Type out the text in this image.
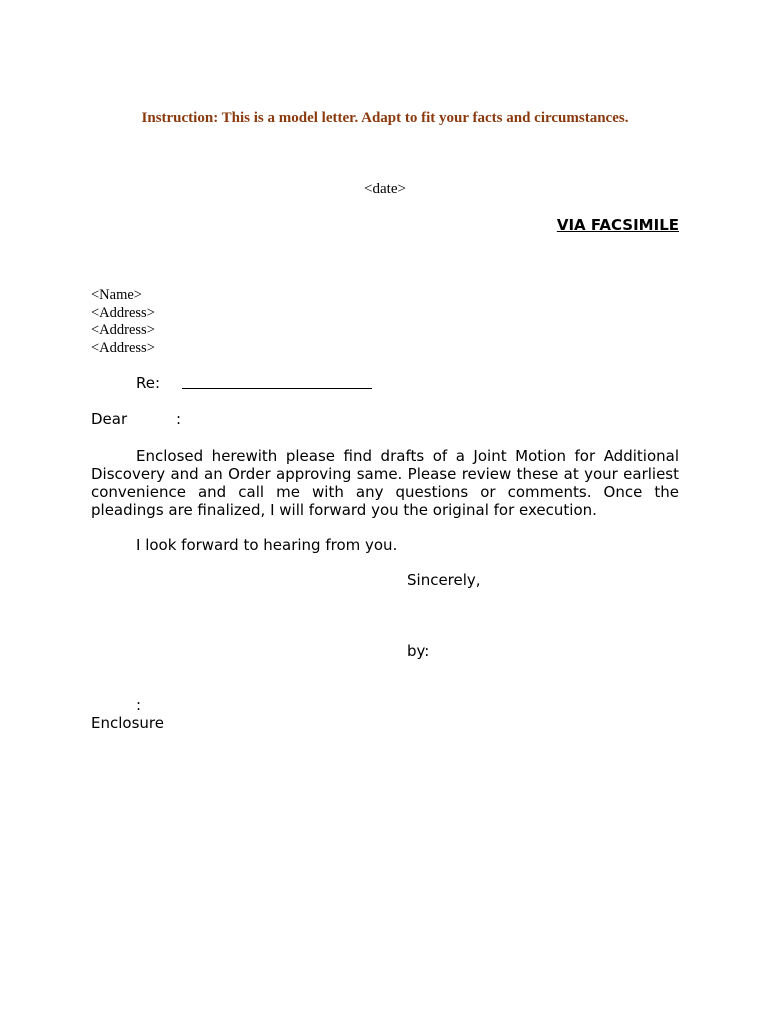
Instruction: This is a model letter. Adapt to fit your facts and circumstances.
<date>
VIA FACSIMILE
<Name>
<Address>
<Address>
<Address>
Re:
Dear	:

Enclosed herewith please find drafts of a Joint Motion for Additional Discovery and an Order approving same. Please review these at your earliest convenience and call me with any questions or comments. Once the pleadings are finalized, I will forward you the original for execution.

I look forward to hearing from you.
Sincerely,
by:
:
Enclosure
